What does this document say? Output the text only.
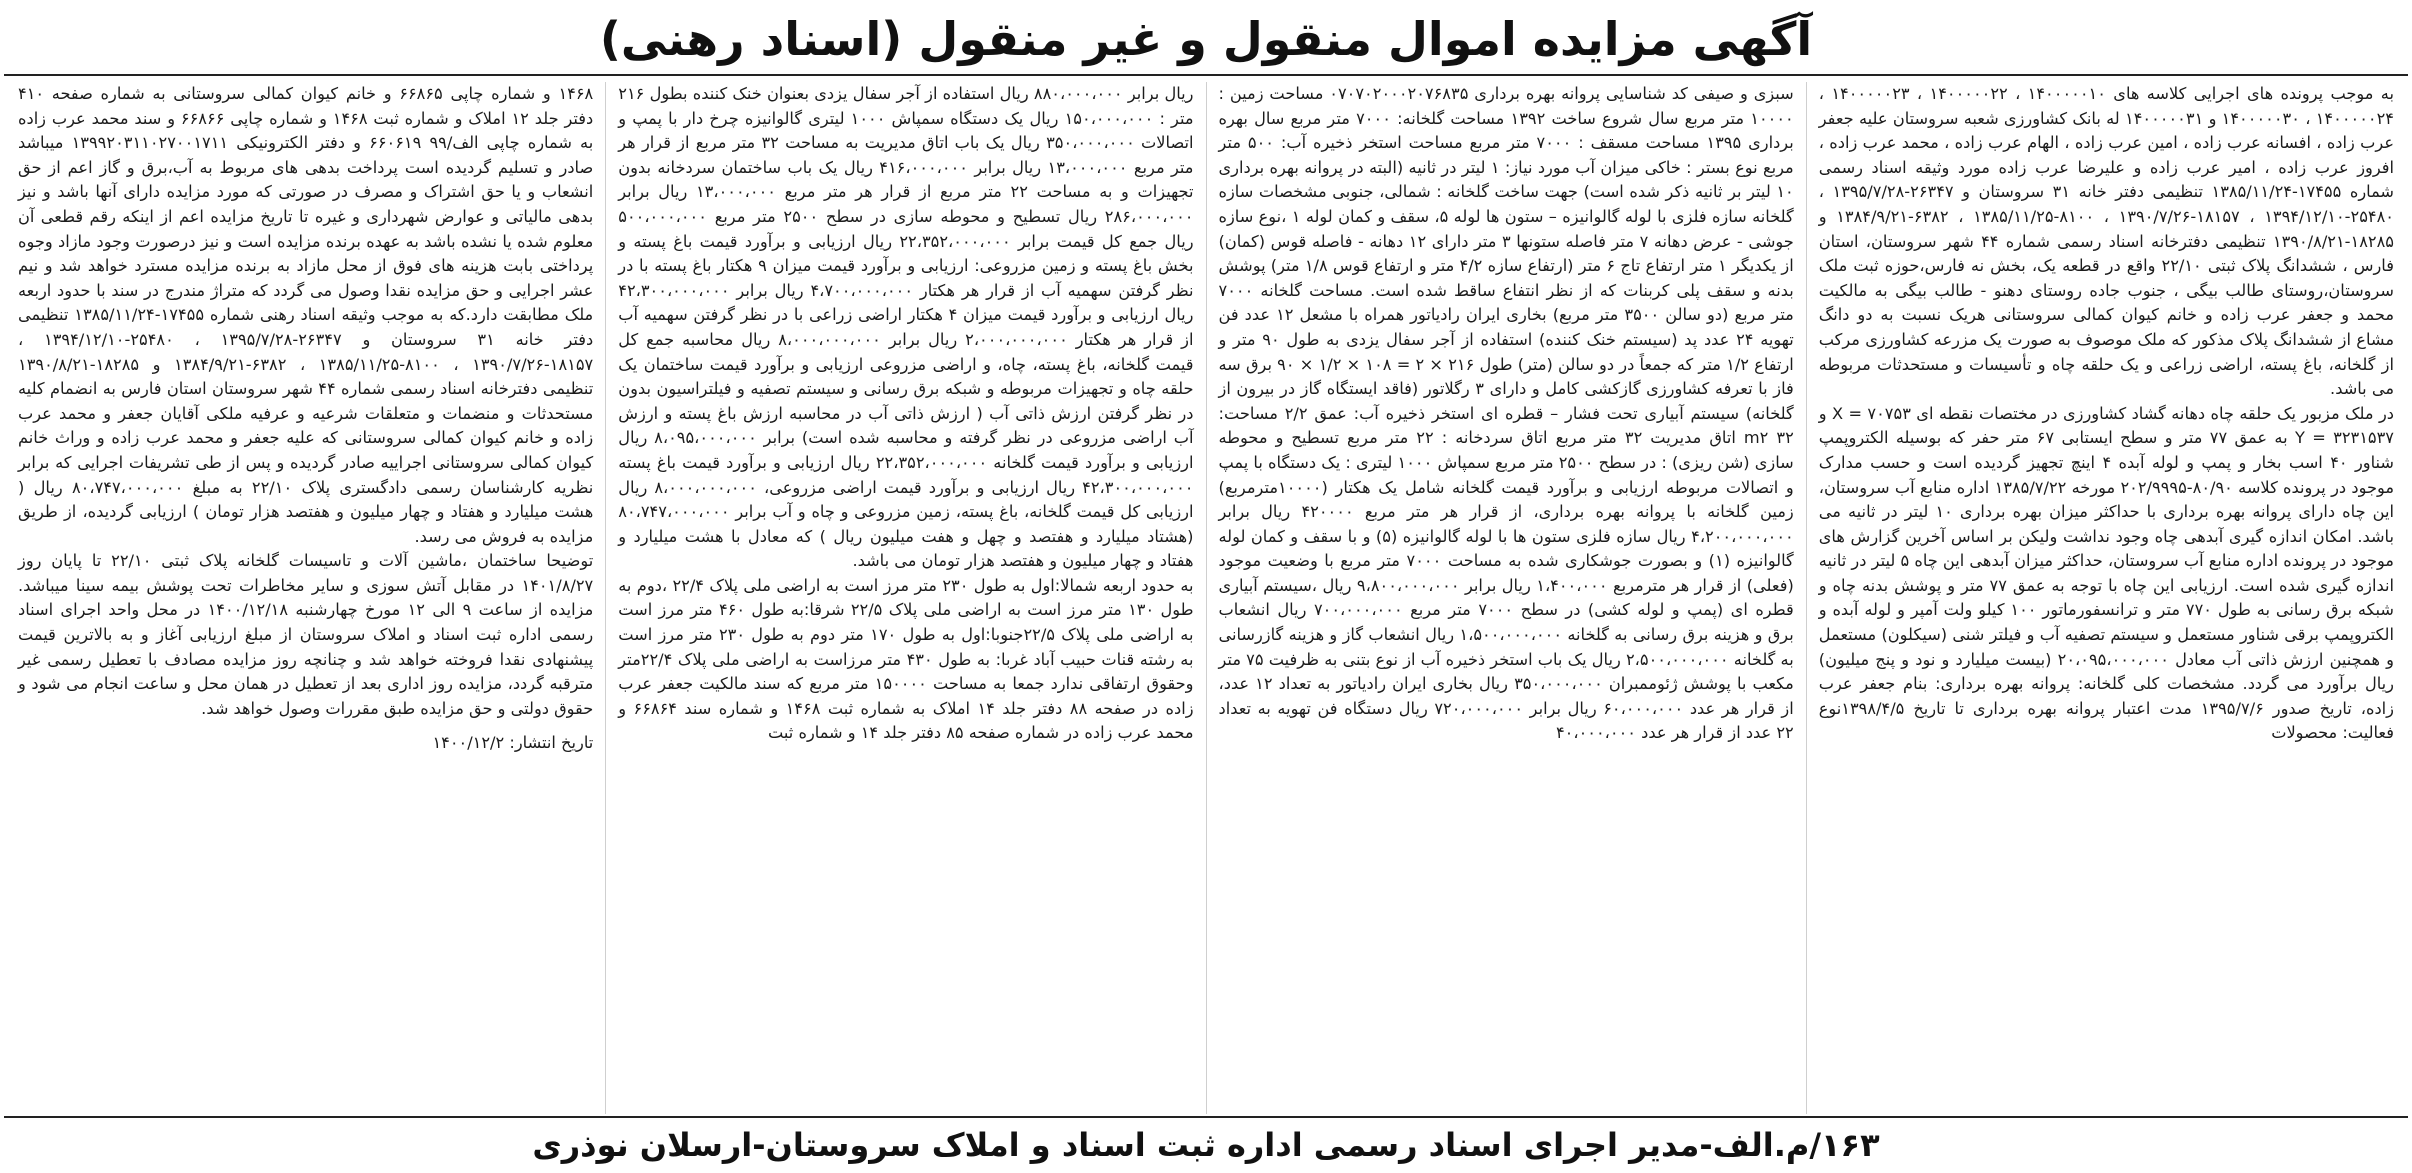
آگهی مزایده اموال منقول و غیر منقول (اسناد رهنی)

به موجب پرونده های اجرایی کلاسه های ۱۴۰۰۰۰۰۱۰ ، ۱۴۰۰۰۰۰۲۲ ، ۱۴۰۰۰۰۰۲۳ ، ۱۴۰۰۰۰۰۲۴ ، ۱۴۰۰۰۰۰۳۰ و ۱۴۰۰۰۰۰۳۱ له بانک کشاورزی شعبه سروستان علیه جعفر عرب زاده ، افسانه عرب زاده ، امین عرب زاده ، الهام عرب زاده ، محمد عرب زاده ، افروز عرب زاده ، امیر عرب زاده و علیرضا عرب زاده مورد وثیقه اسناد رسمی شماره ۱۷۴۵۵-۱۳۸۵/۱۱/۲۴ تنظیمی دفتر خانه ۳۱ سروستان و ۲۶۳۴۷-۱۳۹۵/۷/۲۸ ، ۲۵۴۸۰-۱۳۹۴/۱۲/۱۰ ، ۱۸۱۵۷-۱۳۹۰/۷/۲۶ ، ۸۱۰۰-۱۳۸۵/۱۱/۲۵ ، ۶۳۸۲-۱۳۸۴/۹/۲۱ و ۱۸۲۸۵-۱۳۹۰/۸/۲۱ تنظیمی دفترخانه اسناد رسمی شماره ۴۴ شهر سروستان، استان فارس ، ششدانگ پلاک ثبتی ۲۲/۱۰ واقع در قطعه یک، بخش نه فارس،حوزه ثبت ملک سروستان،روستای طالب بیگی ، جنوب جاده روستای دهنو - طالب بیگی به مالکیت محمد و جعفر عرب زاده و خانم کیوان کمالی سروستانی هریک نسبت به دو دانگ مشاع از ششدانگ پلاک مذکور که ملک موصوف به صورت یک مزرعه کشاورزی مرکب از گلخانه، باغ پسته، اراضی زراعی و یک حلقه چاه و تأسیسات و مستحدثات مربوطه می باشد.
در ملک مزبور یک حلقه چاه دهانه گشاد کشاورزی در مختصات نقطه ای X = ۷۰۷۵۳ و Y = ۳۲۳۱۵۳۷ به عمق ۷۷ متر و سطح ایستابی ۶۷ متر حفر که بوسیله الکتروپمپ شناور ۴۰ اسب بخار و پمپ و لوله آبده ۴ اینچ تجهیز گردیده است و حسب مدارک موجود در پرونده کلاسه ۸۰/۹۰-۲۰۲/۹۹۹۵ مورخه ۱۳۸۵/۷/۲۲ اداره منابع آب سروستان، این چاه دارای پروانه بهره برداری با حداکثر میزان بهره برداری ۱۰ لیتر در ثانیه می باشد. امکان اندازه گیری آبدهی چاه وجود نداشت ولیکن بر اساس آخرین گزارش های موجود در پرونده اداره منابع آب سروستان، حداکثر میزان آبدهی این چاه ۵ لیتر در ثانیه اندازه گیری شده است. ارزیابی این چاه با توجه به عمق ۷۷ متر و پوشش بدنه چاه و شبکه برق رسانی به طول ۷۷۰ متر و ترانسفورماتور ۱۰۰ کیلو ولت آمپر و لوله آبده و الکتروپمپ برقی شناور مستعمل و سیستم تصفیه آب و فیلتر شنی (سیکلون) مستعمل و همچنین ارزش ذاتی آب معادل ۲۰،۰۹۵،۰۰۰،۰۰۰ (بیست میلیارد و نود و پنج میلیون) ریال برآورد می گردد. مشخصات کلی گلخانه: پروانه بهره برداری: بنام جعفر عرب زاده، تاریخ صدور ۱۳۹۵/۷/۶ مدت اعتبار پروانه بهره برداری تا تاریخ ۱۳۹۸/۴/۵نوع فعالیت: محصولات

سبزی و صیفی کد شناسایی پروانه بهره برداری ۰۷۰۷۰۲۰۰۰۲۰۷۶۸۳۵ مساحت زمین : ۱۰۰۰۰ متر مربع سال شروع ساخت ۱۳۹۲ مساحت گلخانه: ۷۰۰۰ متر مربع سال بهره برداری ۱۳۹۵ مساحت مسقف : ۷۰۰۰ متر مربع مساحت استخر ذخیره آب: ۵۰۰ متر مربع نوع بستر : خاکی میزان آب مورد نیاز: ۱ لیتر در ثانیه (البته در پروانه بهره برداری ۱۰ لیتر بر ثانیه ذکر شده است) جهت ساخت گلخانه : شمالی، جنوبی مشخصات سازه گلخانه سازه فلزی با لوله گالوانیزه – ستون ها لوله ۵، سقف و کمان لوله ۱ ،نوع سازه جوشی - عرض دهانه ۷ متر فاصله ستونها ۳ متر دارای ۱۲ دهانه - فاصله قوس (کمان) از یکدیگر ۱ متر ارتفاع تاج ۶ متر (ارتفاع سازه ۴/۲ متر و ارتفاع قوس ۱/۸ متر) پوشش بدنه و سقف پلی کربنات که از نظر انتفاع ساقط شده است. مساحت گلخانه ۷۰۰۰ متر مربع (دو سالن ۳۵۰۰ متر مربع) بخاری ایران رادیاتور همراه با مشعل ۱۲ عدد فن تهویه ۲۴ عدد پد (سیستم خنک کننده) استفاده از آجر سفال یزدی به طول ۹۰ متر و ارتفاع ۱/۲ متر که جمعاً در دو سالن (متر) طول ۲۱۶ × ۲ = ۱۰۸ × ۱/۲ × ۹۰ برق سه فاز با تعرفه کشاورزی گازکشی کامل و دارای ۳ رگلاتور (فاقد ایستگاه گاز در بیرون از گلخانه) سیستم آبیاری تحت فشار – قطره ای استخر ذخیره آب: عمق ۲/۲ مساحت: ۳۲ m۲ اتاق مدیریت ۳۲ متر مربع اتاق سردخانه : ۲۲ متر مربع تسطیح و محوطه سازی (شن ریزی) : در سطح ۲۵۰۰ متر مربع سمپاش ۱۰۰۰ لیتری : یک دستگاه با پمپ و اتصالات مربوطه ارزیابی و برآورد قیمت گلخانه شامل یک هکتار (۱۰۰۰۰مترمربع) زمین گلخانه با پروانه بهره برداری، از قرار هر متر مربع ۴۲۰۰۰۰ ریال برابر ۴،۲۰۰،۰۰۰،۰۰۰ ریال سازه فلزی ستون ها با لوله گالوانیزه (۵) و با سقف و کمان لوله گالوانیزه (۱) و بصورت جوشکاری شده به مساحت ۷۰۰۰ متر مربع با وضعیت موجود (فعلی) از قرار هر مترمربع ۱،۴۰۰،۰۰۰ ریال برابر ۹،۸۰۰،۰۰۰،۰۰۰ ریال ،سیستم آبیاری قطره ای (پمپ و لوله کشی) در سطح ۷۰۰۰ متر مربع ۷۰۰،۰۰۰،۰۰۰ ریال انشعاب برق و هزینه برق رسانی به گلخانه ۱،۵۰۰،۰۰۰،۰۰۰ ریال انشعاب گاز و هزینه گازرسانی به گلخانه ۲،۵۰۰،۰۰۰،۰۰۰ ریال یک باب استخر ذخیره آب از نوع بتنی به ظرفیت ۷۵ متر مکعب با پوشش ژئوممبران ۳۵۰،۰۰۰،۰۰۰ ریال بخاری ایران رادیاتور به تعداد ۱۲ عدد، از قرار هر عدد ۶۰،۰۰۰،۰۰۰ ریال برابر ۷۲۰،۰۰۰،۰۰۰ ریال دستگاه فن تهویه به تعداد ۲۲ عدد از قرار هر عدد ۴۰،۰۰۰،۰۰۰

ریال برابر ۸۸۰،۰۰۰،۰۰۰ ریال استفاده از آجر سفال یزدی بعنوان خنک کننده بطول ۲۱۶ متر : ۱۵۰،۰۰۰،۰۰۰ ریال یک دستگاه سمپاش ۱۰۰۰ لیتری گالوانیزه چرخ دار با پمپ و اتصالات ۳۵۰،۰۰۰،۰۰۰ ریال یک باب اتاق مدیریت به مساحت ۳۲ متر مربع از قرار هر متر مربع ۱۳،۰۰۰،۰۰۰ ریال برابر ۴۱۶،۰۰۰،۰۰۰ ریال یک باب ساختمان سردخانه بدون تجهیزات و به مساحت ۲۲ متر مربع از قرار هر متر مربع ۱۳،۰۰۰،۰۰۰ ریال برابر ۲۸۶،۰۰۰،۰۰۰ ریال تسطیح و محوطه سازی در سطح ۲۵۰۰ متر مربع ۵۰۰،۰۰۰،۰۰۰ ریال جمع کل قیمت برابر ۲۲،۳۵۲،۰۰۰،۰۰۰ ریال ارزیابی و برآورد قیمت باغ پسته و بخش باغ پسته و زمین مزروعی: ارزیابی و برآورد قیمت میزان ۹ هکتار باغ پسته با در نظر گرفتن سهمیه آب از قرار هر هکتار ۴،۷۰۰،۰۰۰،۰۰۰ ریال برابر ۴۲،۳۰۰،۰۰۰،۰۰۰ ریال ارزیابی و برآورد قیمت میزان ۴ هکتار اراضی زراعی با در نظر گرفتن سهمیه آب از قرار هر هکتار ۲،۰۰۰،۰۰۰،۰۰۰ ریال برابر ۸،۰۰۰،۰۰۰،۰۰۰ ریال محاسبه جمع کل قیمت گلخانه، باغ پسته، چاه، و اراضی مزروعی ارزیابی و برآورد قیمت ساختمان یک حلقه چاه و تجهیزات مربوطه و شبکه برق رسانی و سیستم تصفیه و فیلتراسیون بدون در نظر گرفتن ارزش ذاتی آب ( ارزش ذاتی آب در محاسبه ارزش باغ پسته و ارزش آب اراضی مزروعی در نظر گرفته و محاسبه شده است) برابر ۸،۰۹۵،۰۰۰،۰۰۰ ریال ارزیابی و برآورد قیمت گلخانه ۲۲،۳۵۲،۰۰۰،۰۰۰ ریال ارزیابی و برآورد قیمت باغ پسته ۴۲،۳۰۰،۰۰۰،۰۰۰ ریال ارزیابی و برآورد قیمت اراضی مزروعی، ۸،۰۰۰،۰۰۰،۰۰۰ ریال ارزیابی کل قیمت گلخانه، باغ پسته، زمین مزروعی و چاه و آب برابر ۸۰،۷۴۷،۰۰۰،۰۰۰ (هشتاد میلیارد و هفتصد و چهل و هفت میلیون ریال ) که معادل با هشت میلیارد و هفتاد و چهار میلیون و هفتصد هزار تومان می باشد.
به حدود اربعه شمالا:اول به طول ۲۳۰ متر مرز است به اراضی ملی پلاک ۲۲/۴ ،دوم به طول ۱۳۰ متر مرز است به اراضی ملی پلاک ۲۲/۵ شرقا:به طول ۴۶۰ متر مرز است به اراضی ملی پلاک ۲۲/۵جنوبا:اول به طول ۱۷۰ متر دوم به طول ۲۳۰ متر مرز است به رشته قنات حبیب آباد غربا: به طول ۴۳۰ متر مرزاست به اراضی ملی پلاک ۲۲/۴متر وحقوق ارتفاقی ندارد جمعا به مساحت ۱۵۰۰۰۰ متر مربع که سند مالکیت جعفر عرب زاده در صفحه ۸۸ دفتر جلد ۱۴ املاک به شماره ثبت ۱۴۶۸ و شماره سند ۶۶۸۶۴ و محمد عرب زاده در شماره صفحه ۸۵ دفتر جلد ۱۴ و شماره ثبت

۱۴۶۸ و شماره چاپی ۶۶۸۶۵ و خانم کیوان کمالی سروستانی به شماره صفحه ۴۱۰ دفتر جلد ۱۲ املاک و شماره ثبت ۱۴۶۸ و شماره چاپی ۶۶۸۶۶ و سند محمد عرب زاده به شماره چاپی الف/۹۹ ۶۶۰۶۱۹ و دفتر الکترونیکی ۱۳۹۹۲۰۳۱۱۰۲۷۰۰۱۷۱۱ میباشد صادر و تسلیم گردیده است پرداخت بدهی های مربوط به آب،برق و گاز اعم از حق انشعاب و یا حق اشتراک و مصرف در صورتی که مورد مزایده دارای آنها باشد و نیز بدهی مالیاتی و عوارض شهرداری و غیره تا تاریخ مزایده اعم از اینکه رقم قطعی آن معلوم شده یا نشده باشد به عهده برنده مزایده است و نیز درصورت وجود مازاد وجوه پرداختی بابت هزینه های فوق از محل مازاد به برنده مزایده مسترد خواهد شد و نیم عشر اجرایی و حق مزایده نقدا وصول می گردد که متراژ مندرج در سند با حدود اربعه ملک مطابقت دارد.که به موجب وثیقه اسناد رهنی شماره ۱۷۴۵۵-۱۳۸۵/۱۱/۲۴ تنظیمی دفتر خانه ۳۱ سروستان و ۲۶۳۴۷-۱۳۹۵/۷/۲۸ ، ۲۵۴۸۰-۱۳۹۴/۱۲/۱۰ ، ۱۸۱۵۷-۱۳۹۰/۷/۲۶ ، ۸۱۰۰-۱۳۸۵/۱۱/۲۵ ، ۶۳۸۲-۱۳۸۴/۹/۲۱ و ۱۸۲۸۵-۱۳۹۰/۸/۲۱ تنظیمی دفترخانه اسناد رسمی شماره ۴۴ شهر سروستان استان فارس به انضمام کلیه مستحدثات و منضمات و متعلقات شرعیه و عرفیه ملکی آقایان جعفر و محمد عرب زاده و خانم کیوان کمالی سروستانی که علیه جعفر و محمد عرب زاده و وراث خانم کیوان کمالی سروستانی اجراییه صادر گردیده و پس از طی تشریفات اجرایی که برابر نظریه کارشناسان رسمی دادگستری پلاک ۲۲/۱۰ به مبلغ ۸۰،۷۴۷،۰۰۰،۰۰۰ ریال ( هشت میلیارد و هفتاد و چهار میلیون و هفتصد هزار تومان ) ارزیابی گردیده، از طریق مزایده به فروش می رسد.
توضیحا ساختمان ،ماشین آلات و تاسیسات گلخانه پلاک ثبتی ۲۲/۱۰ تا پایان روز ۱۴۰۱/۸/۲۷ در مقابل آتش سوزی و سایر مخاطرات تحت پوشش بیمه سینا میباشد. مزایده از ساعت ۹ الی ۱۲ مورخ چهارشنبه ۱۴۰۰/۱۲/۱۸ در محل واحد اجرای اسناد رسمی اداره ثبت اسناد و املاک سروستان از مبلغ ارزیابی آغاز و به بالاترین قیمت پیشنهادی نقدا فروخته خواهد شد و چنانچه روز مزایده مصادف با تعطیل رسمی غیر مترقبه گردد، مزایده روز اداری بعد از تعطیل در همان محل و ساعت انجام می شود و حقوق دولتی و حق مزایده طبق مقررات وصول خواهد شد.

تاریخ انتشار: ۱۴۰۰/۱۲/۲
۱۶۳/م.الف-مدیر اجرای اسناد رسمی اداره ثبت اسناد و املاک سروستان-ارسلان نوذری
